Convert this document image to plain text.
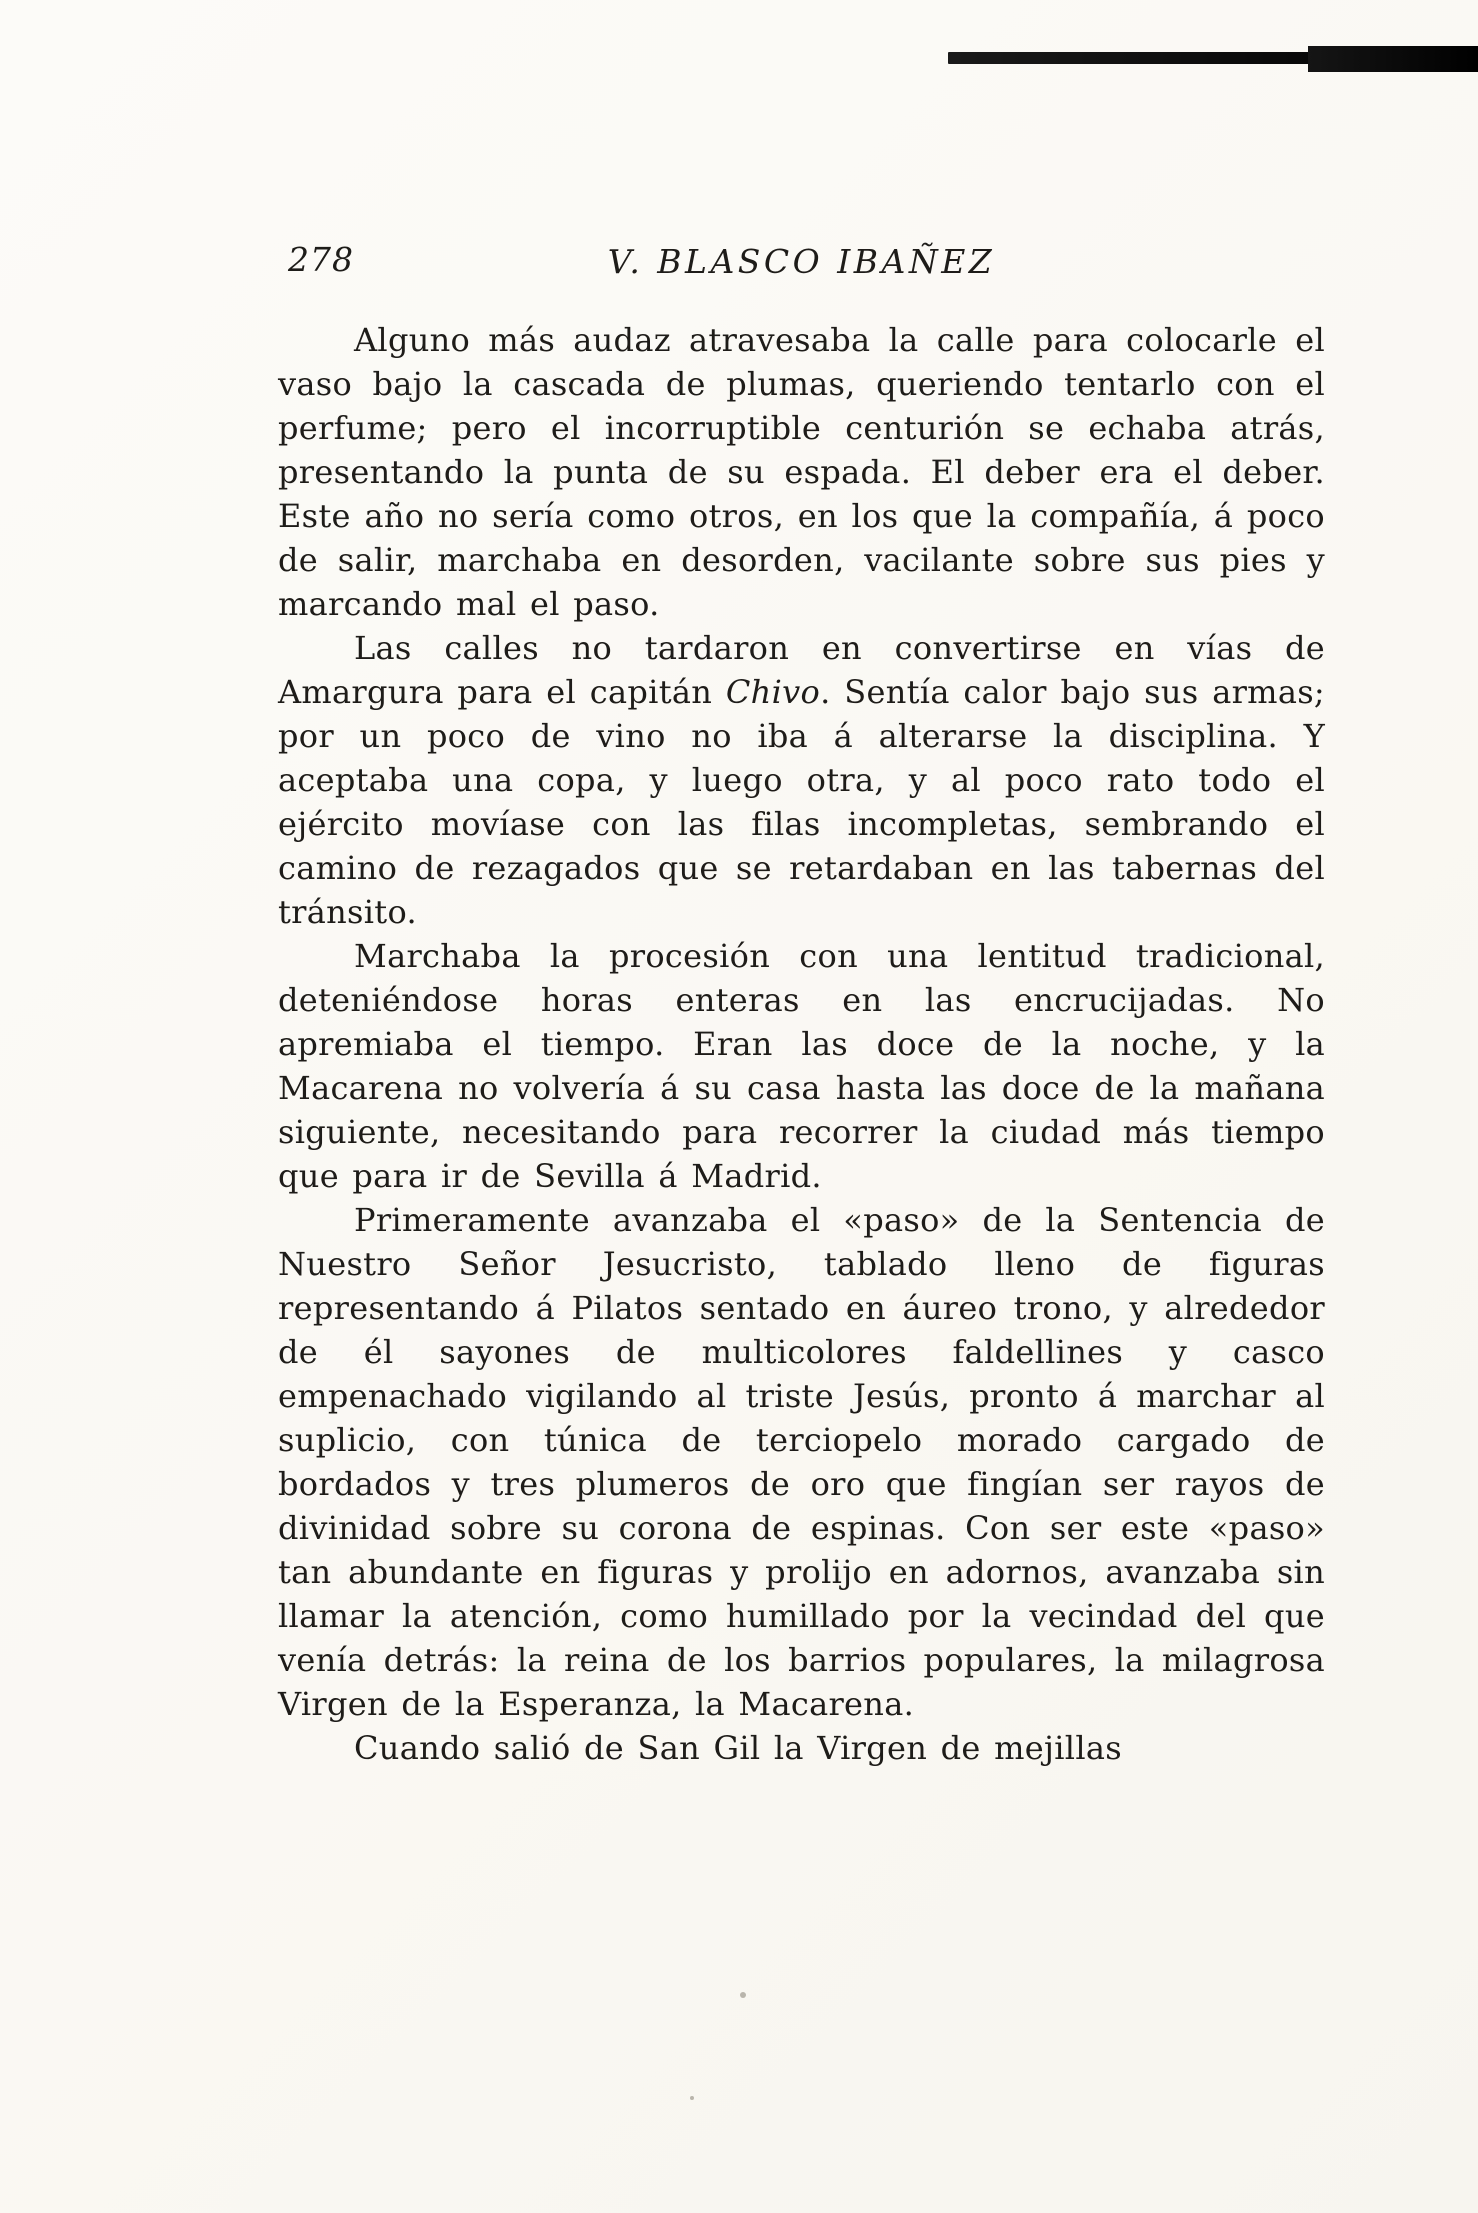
278	V. BLASCO IBAÑEZ

Alguno más audaz atravesaba la calle para colocarle el vaso bajo la cascada de plumas, queriendo tentarlo con el perfume; pero el incorruptible centurión se echaba atrás, presentando la punta de su espada. El deber era el deber. Este año no sería como otros, en los que la compañía, á poco de salir, marchaba en desorden, vacilante sobre sus pies y marcando mal el paso.

Las calles no tardaron en convertirse en vías de Amargura para el capitán Chivo. Sentía calor bajo sus armas; por un poco de vino no iba á alterarse la disciplina. Y aceptaba una copa, y luego otra, y al poco rato todo el ejército movíase con las filas incompletas, sembrando el camino de rezagados que se retardaban en las tabernas del tránsito.

Marchaba la procesión con una lentitud tradicional, deteniéndose horas enteras en las encrucijadas. No apremiaba el tiempo. Eran las doce de la noche, y la Macarena no volvería á su casa hasta las doce de la mañana siguiente, necesitando para recorrer la ciudad más tiempo que para ir de Sevilla á Madrid.

Primeramente avanzaba el «paso» de la Sentencia de Nuestro Señor Jesucristo, tablado lleno de figuras representando á Pilatos sentado en áureo trono, y alrededor de él sayones de multicolores faldellines y casco empenachado vigilando al triste Jesús, pronto á marchar al suplicio, con túnica de terciopelo morado cargado de bordados y tres plumeros de oro que fingían ser rayos de divinidad sobre su corona de espinas. Con ser este «paso» tan abundante en figuras y prolijo en adornos, avanzaba sin llamar la atención, como humillado por la vecindad del que venía detrás: la reina de los barrios populares, la milagrosa Virgen de la Esperanza, la Macarena.

Cuando salió de San Gil la Virgen de mejillas
